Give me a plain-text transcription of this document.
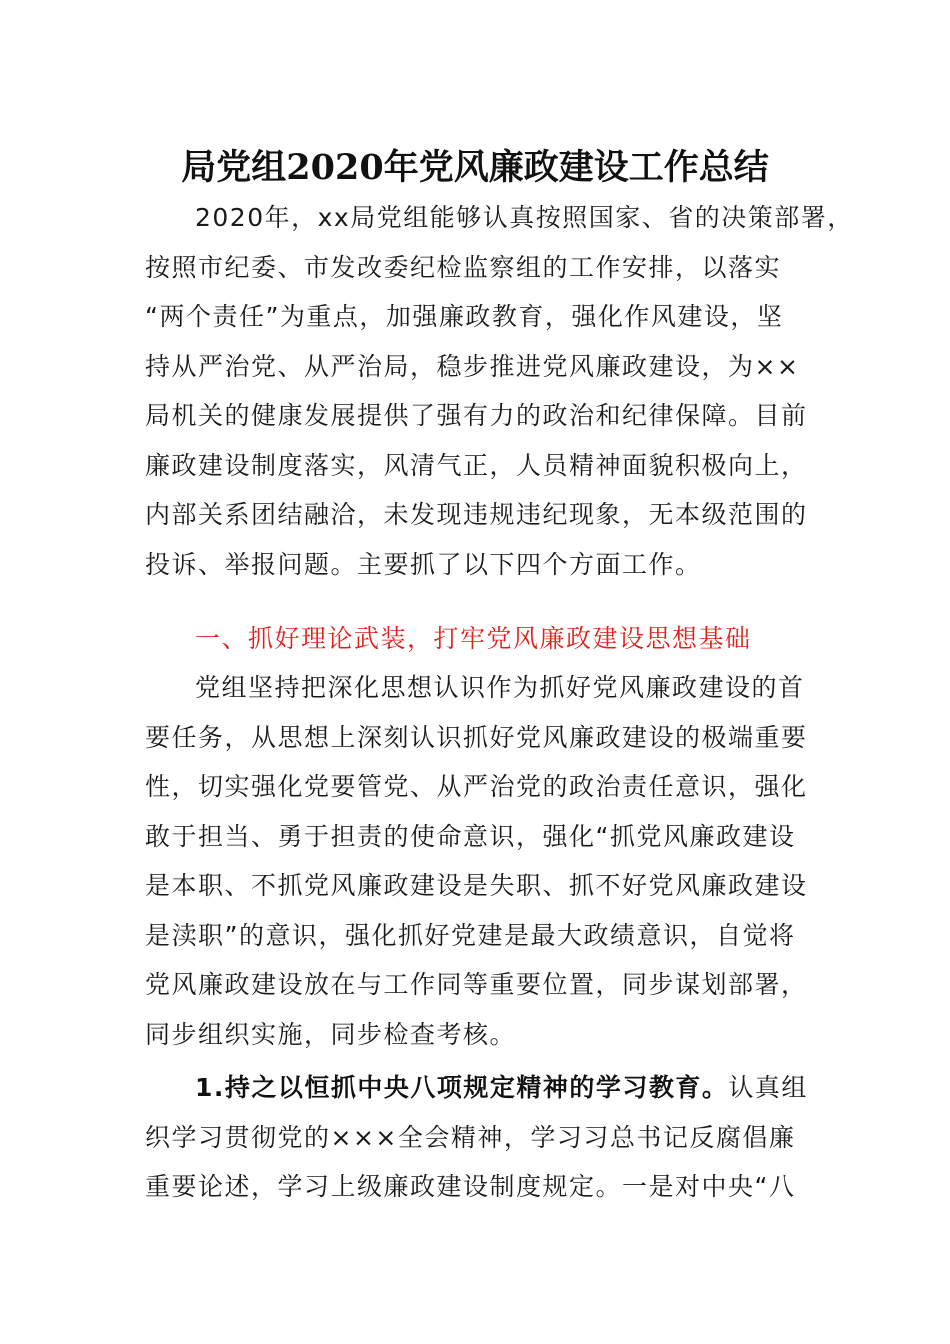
局党组2020年党风廉政建设工作总结
2020年，xx局党组能够认真按照国家、省的决策部署，
按照市纪委、市发改委纪检监察组的工作安排，以落实
“两个责任”为重点，加强廉政教育，强化作风建设，坚
持从严治党、从严治局，稳步推进党风廉政建设，为××
局机关的健康发展提供了强有力的政治和纪律保障。目前
廉政建设制度落实，风清气正，人员精神面貌积极向上，
内部关系团结融洽，未发现违规违纪现象，无本级范围的
投诉、举报问题。主要抓了以下四个方面工作。
一、抓好理论武装，打牢党风廉政建设思想基础
党组坚持把深化思想认识作为抓好党风廉政建设的首
要任务，从思想上深刻认识抓好党风廉政建设的极端重要
性，切实强化党要管党、从严治党的政治责任意识，强化
敢于担当、勇于担责的使命意识，强化“抓党风廉政建设
是本职、不抓党风廉政建设是失职、抓不好党风廉政建设
是渎职”的意识，强化抓好党建是最大政绩意识，自觉将
党风廉政建设放在与工作同等重要位置，同步谋划部署，
同步组织实施，同步检查考核。
1.持之以恒抓中央八项规定精神的学习教育。认真组
织学习贯彻党的×××全会精神，学习习总书记反腐倡廉
重要论述，学习上级廉政建设制度规定。一是对中央“八
